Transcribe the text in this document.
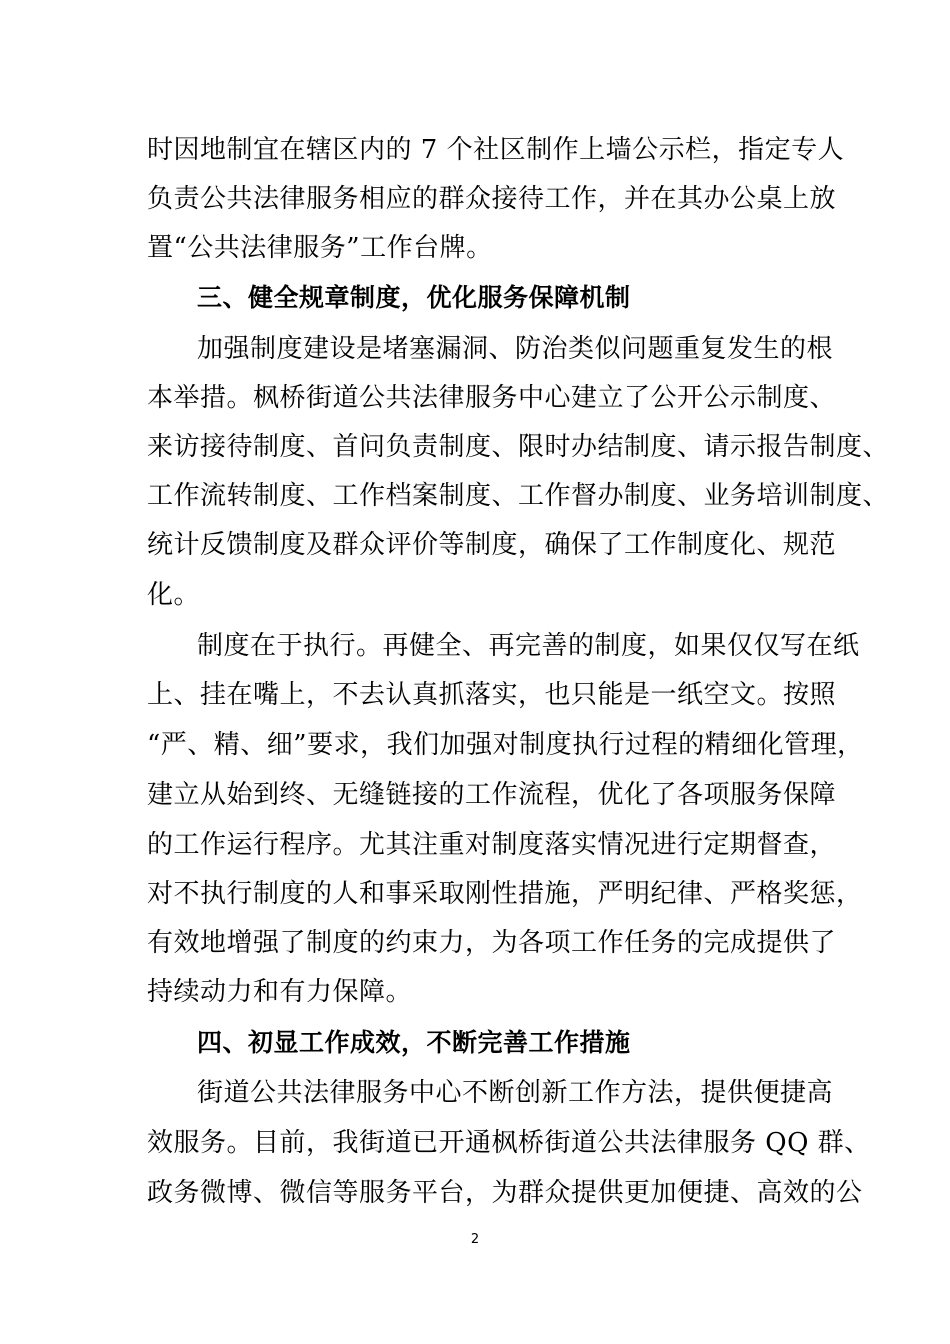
时因地制宜在辖区内的 7 个社区制作上墙公示栏，指定专人
负责公共法律服务相应的群众接待工作，并在其办公桌上放
置“公共法律服务”工作台牌。
三、健全规章制度，优化服务保障机制
加强制度建设是堵塞漏洞、防治类似问题重复发生的根
本举措。枫桥街道公共法律服务中心建立了公开公示制度、
来访接待制度、首问负责制度、限时办结制度、请示报告制度、
工作流转制度、工作档案制度、工作督办制度、业务培训制度、
统计反馈制度及群众评价等制度，确保了工作制度化、规范
化。
制度在于执行。再健全、再完善的制度，如果仅仅写在纸
上、挂在嘴上，不去认真抓落实，也只能是一纸空文。按照
“严、精、细”要求，我们加强对制度执行过程的精细化管理，
建立从始到终、无缝链接的工作流程，优化了各项服务保障
的工作运行程序。尤其注重对制度落实情况进行定期督查，
对不执行制度的人和事采取刚性措施，严明纪律、严格奖惩，
有效地增强了制度的约束力，为各项工作任务的完成提供了
持续动力和有力保障。
四、初显工作成效，不断完善工作措施
街道公共法律服务中心不断创新工作方法，提供便捷高
效服务。目前，我街道已开通枫桥街道公共法律服务 QQ 群、
政务微博、微信等服务平台，为群众提供更加便捷、高效的公
2
